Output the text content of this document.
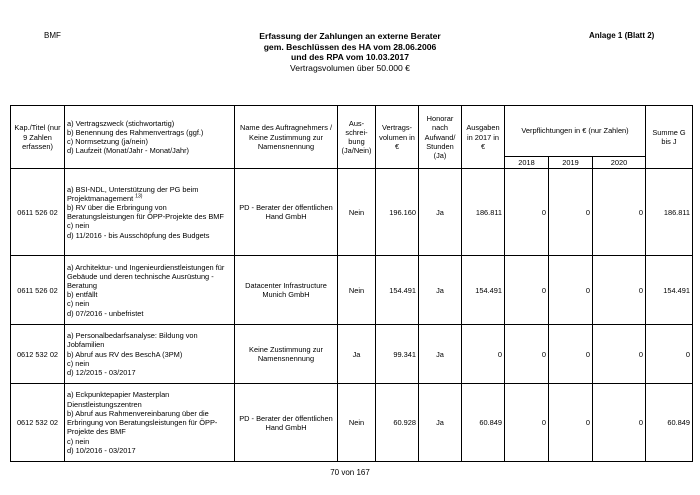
BMF	Erfassung der Zahlungen an externe Berater
gem. Beschlüssen des HA vom 28.06.2006
und des RPA vom 10.03.2017
Vertragsvolumen über 50.000 €
Anlage 1 (Blatt 2)
Kap./Titel (nur 9 Zahlen erfassen)	a) Vertragszweck (stichwortartig)
b) Benennung des Rahmenvertrags (ggf.)
c) Normsetzung (ja/nein)
d) Laufzeit (Monat/Jahr - Monat/Jahr)	Name des Auftragnehmers / Keine Zustimmung zur Namensnennung	Aus-schrei-bung (Ja/Nein)	Vertrags-volumen in €	Honorar nach Aufwand/ Stunden (Ja)	Ausgaben in 2017 in €	Verpflichtungen in € (nur Zahlen)			Summe G bis J
							2018	2019	2020	
0611 526 02	a) BSI-NDL, Unterstützung der PG beim Projektmanagement $^{13)}$
b) RV über die Erbringung von Beratungsleistungen für ÖPP-Projekte des BMF
c) nein
d) 11/2016 - bis Ausschöpfung des Budgets	PD - Berater der öffentlichen Hand GmbH	Nein	196.160	Ja	186.811	0	0	0	186.811
0611 526 02	a) Architektur- und Ingenieurdienstleistungen für Gebäude und deren technische Ausrüstung - Beratung
b) entfällt
c) nein
d) 07/2016 - unbefristet	Datacenter Infrastructure Munich GmbH	Nein	154.491	Ja	154.491	0	0	0	154.491
0612 532 02	a) Personalbedarfsanalyse: Bildung von Jobfamilien
b) Abruf aus RV des BeschA (3PM)
c) nein
d) 12/2015 - 03/2017	Keine Zustimmung zur Namensnennung	Ja	99.341	Ja	0	0	0	0	0
0612 532 02	a) Eckpunktepapier Masterplan Dienstleistungszentren
b) Abruf aus Rahmenvereinbarung über die Erbringung von Beratungsleistungen für ÖPP-Projekte des BMF
c) nein
d) 10/2016 - 03/2017	PD - Berater der öffentlichen Hand GmbH	Nein	60.928	Ja	60.849	0	0	0	60.849
70 von 167
